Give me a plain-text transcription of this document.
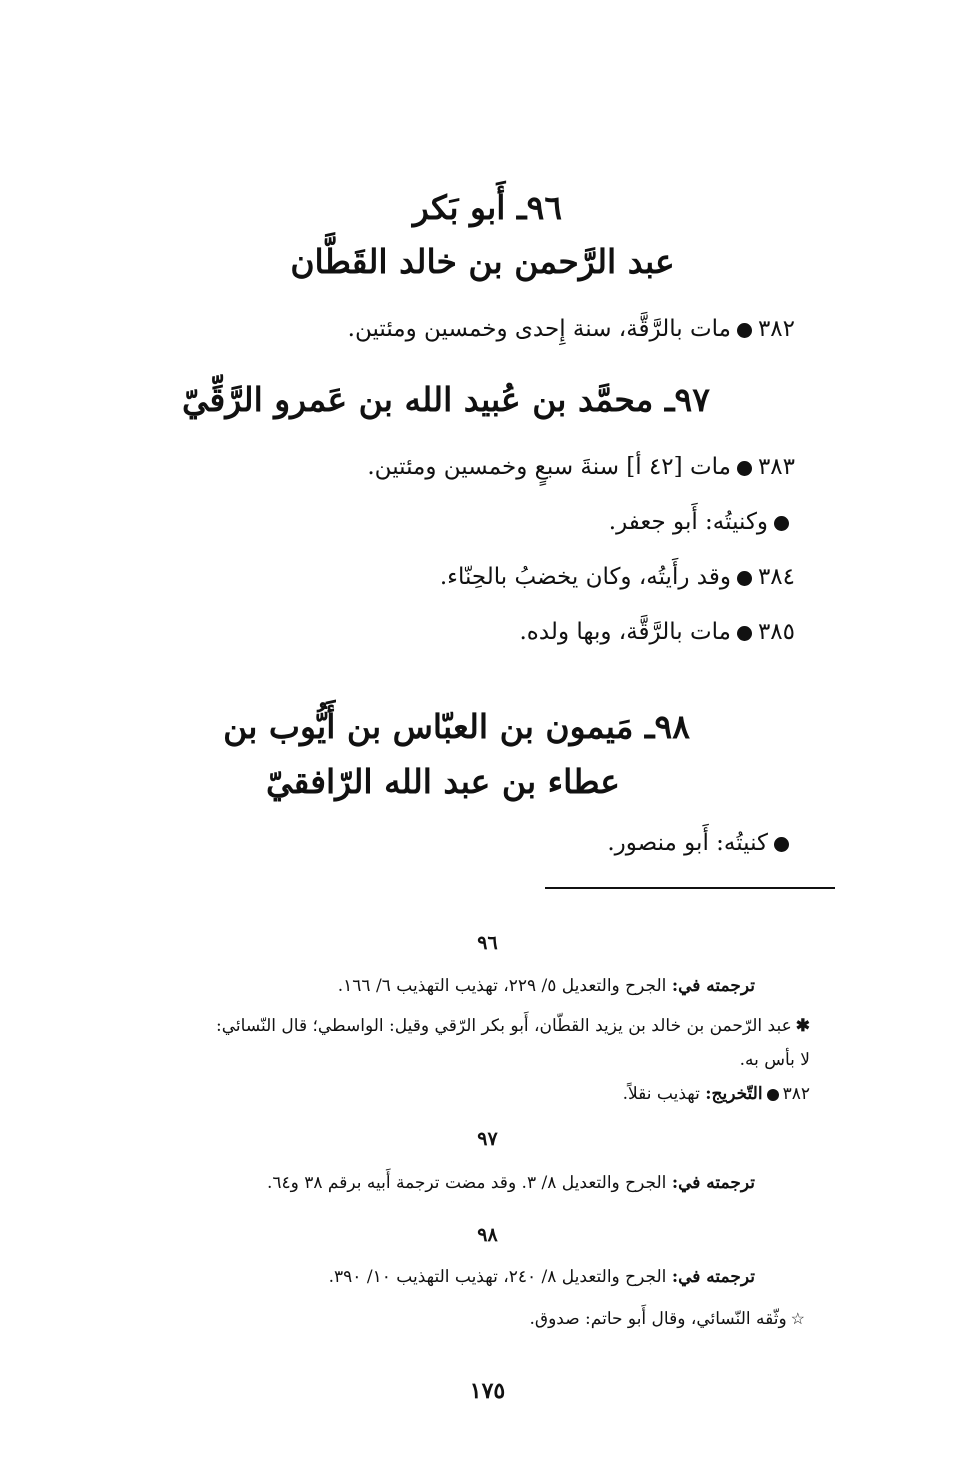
٩٦ـ أَبو بَكر
عبد الرَّحمن بن خالد القَطَّان
٣٨٢مات بالرَّقَّة، سنة إِحدى وخمسين ومئتين.
٩٧ـ محمَّد بن عُبيد الله بن عَمرو الرَّقِّيّ
٣٨٣مات [٤٢ أ] سنةَ سبعٍ وخمسين ومئتين.
وكنيتُه: أَبو جعفر.
٣٨٤وقد رأَيتُه، وكان يخضبُ بالحِنّاء.
٣٨٥مات بالرَّقَّة، وبها ولده.
٩٨ـ مَيمون بن العبّاس بن أَيُّوب بن
عطاء بن عبد الله الرّافقيّ
كنيتُه: أَبو منصور.
٩٦
ترجمته في: الجرح والتعديل ٥/ ٢٢٩، تهذيب التهذيب ٦/ ١٦٦.
✱عبد الرّحمن بن خالد بن يزيد القطّان، أَبو بكر الرّقي وقيل: الواسطي؛ قال النّسائي:
لا بأس به.
٣٨٢التّخريج: تهذيب نقلاً.
٩٧
ترجمته في: الجرح والتعديل ٨/ ٣. وقد مضت ترجمة أَبيه برقم ٣٨ و٦٤.
٩٨
ترجمته في: الجرح والتعديل ٨/ ٢٤٠، تهذيب التهذيب ١٠/ ٣٩٠.
☆وثّقه النّسائي، وقال أَبو حاتم: صدوق.
١٧٥
